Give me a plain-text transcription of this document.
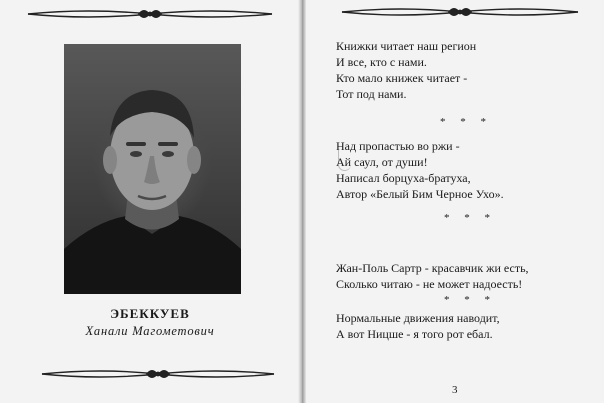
ЭБЕККУЕВ
Ханали Магометович
Книжки читает наш регион
И все, кто с нами.
Кто мало книжек читает -
Тот под нами.
* * *
Над пропастью во ржи -
Ай саул, от души!
Написал борцуха-братуха,
Автор «Белый Бим Черное Ухо».
* * *
Жан-Поль Сартр - красавчик жи есть,
Сколько читаю - не может надоесть!
* * *
Нормальные движения наводит,
А вот Ницше - я того рот ебал.
3
